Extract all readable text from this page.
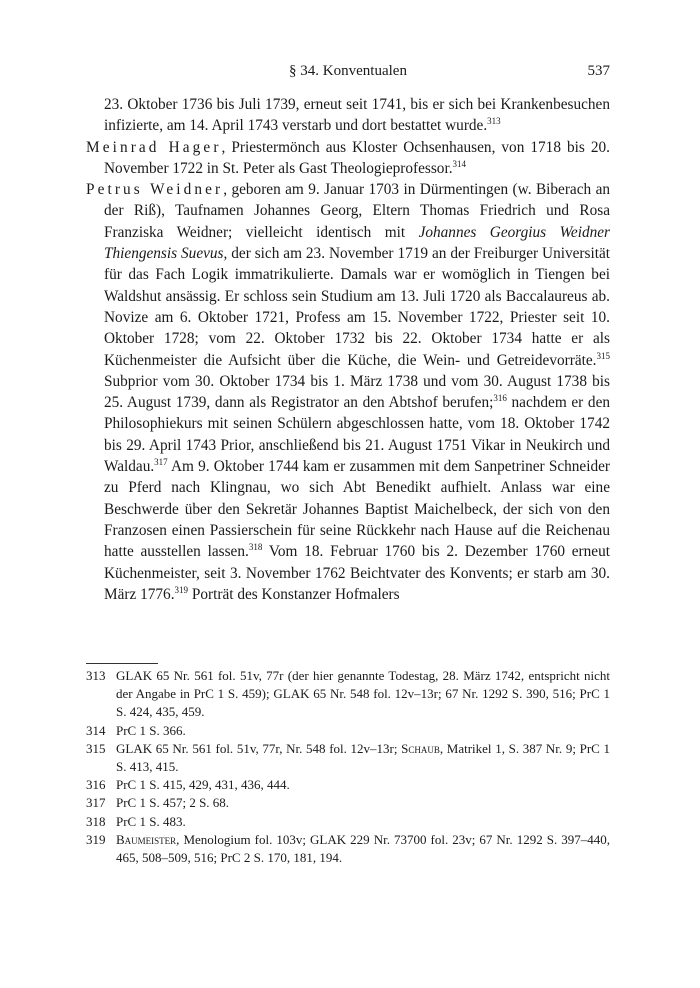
§ 34. Konventualen	537

23. Oktober 1736 bis Juli 1739, erneut seit 1741, bis er sich bei Krankenbesuchen infizierte, am 14. April 1743 verstarb und dort bestattet wurde.$^{313}$

Meinrad Hager, Priestermönch aus Kloster Ochsenhausen, von 1718 bis 20. November 1722 in St. Peter als Gast Theologieprofessor.$^{314}$

Petrus Weidner, geboren am 9. Januar 1703 in Dürmentingen (w. Biberach an der Riß), Taufnamen Johannes Georg, Eltern Thomas Friedrich und Rosa Franziska Weidner; vielleicht identisch mit Johannes Georgius Weidner Thiengensis Suevus, der sich am 23. November 1719 an der Freiburger Universität für das Fach Logik immatrikulierte. Damals war er womöglich in Tiengen bei Waldshut ansässig. Er schloss sein Studium am 13. Juli 1720 als Baccalaureus ab. Novize am 6. Oktober 1721, Profess am 15. November 1722, Priester seit 10. Oktober 1728; vom 22. Oktober 1732 bis 22. Oktober 1734 hatte er als Küchenmeister die Aufsicht über die Küche, die Wein- und Getreidevorräte.$^{315}$ Subprior vom 30. Oktober 1734 bis 1. März 1738 und vom 30. August 1738 bis 25. August 1739, dann als Registrator an den Abtshof berufen;$^{316}$ nachdem er den Philosophiekurs mit seinen Schülern abgeschlossen hatte, vom 18. Oktober 1742 bis 29. April 1743 Prior, anschließend bis 21. August 1751 Vikar in Neukirch und Waldau.$^{317}$ Am 9. Oktober 1744 kam er zusammen mit dem Sanpetriner Schneider zu Pferd nach Klingnau, wo sich Abt Benedikt aufhielt. Anlass war eine Beschwerde über den Sekretär Johannes Baptist Maichelbeck, der sich von den Franzosen einen Passierschein für seine Rückkehr nach Hause auf die Reichenau hatte ausstellen lassen.$^{318}$ Vom 18. Februar 1760 bis 2. Dezember 1760 erneut Küchenmeister, seit 3. November 1762 Beichtvater des Konvents; er starb am 30. März 1776.$^{319}$ Porträt des Konstanzer Hofmalers

313 GLAK 65 Nr. 561 fol. 51v, 77r (der hier genannte Todestag, 28. März 1742, entspricht nicht der Angabe in PrC 1 S. 459); GLAK 65 Nr. 548 fol. 12v–13r; 67 Nr. 1292 S. 390, 516; PrC 1 S. 424, 435, 459.
314 PrC 1 S. 366.
315 GLAK 65 Nr. 561 fol. 51v, 77r, Nr. 548 fol. 12v–13r; Schaub, Matrikel 1, S. 387 Nr. 9; PrC 1 S. 413, 415.
316 PrC 1 S. 415, 429, 431, 436, 444.
317 PrC 1 S. 457; 2 S. 68.
318 PrC 1 S. 483.
319 Baumeister, Menologium fol. 103v; GLAK 229 Nr. 73700 fol. 23v; 67 Nr. 1292 S. 397–440, 465, 508–509, 516; PrC 2 S. 170, 181, 194.
